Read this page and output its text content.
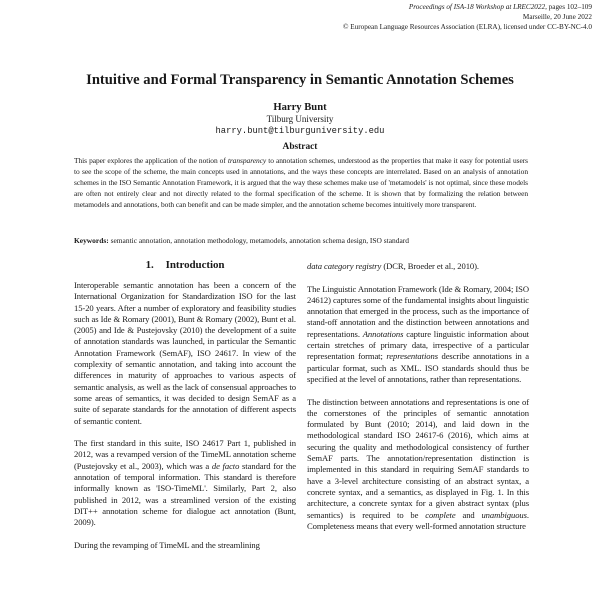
Proceedings of ISA-18 Workshop at LREC2022, pages 102–109
Marseille, 20 June 2022
© European Language Resources Association (ELRA), licensed under CC-BY-NC-4.0
Intuitive and Formal Transparency in Semantic Annotation Schemes
Harry Bunt
Tilburg University
harry.bunt@tilburguniversity.edu
Abstract
This paper explores the application of the notion of transparency to annotation schemes, understood as the properties that make it easy for potential users to see the scope of the scheme, the main concepts used in annotations, and the ways these concepts are interrelated. Based on an analysis of annotation schemes in the ISO Semantic Annotation Framework, it is argued that the way these schemes make use of 'metamodels' is not optimal, since these models are often not entirely clear and not directly related to the formal specification of the scheme. It is shown that by formalizing the relation between metamodels and annotations, both can benefit and can be made simpler, and the annotation scheme becomes intuitively more transparent.
Keywords: semantic annotation, annotation methodology, metamodels, annotation schema design, ISO standard
1. Introduction

Interoperable semantic annotation has been a concern of the International Organization for Standardization ISO for the last 15-20 years. After a number of exploratory and feasibility studies such as Ide & Romary (2001), Bunt & Romary (2002), Bunt et al. (2005) and Ide & Pustejovsky (2010) the development of a suite of annotation standards was launched, in particular the Semantic Annotation Framework (SemAF), ISO 24617. In view of the complexity of semantic annotation, and taking into account the differences in maturity of approaches to various aspects of semantic analysis, as well as the lack of consensual approaches to some areas of semantics, it was decided to design SemAF as a suite of separate standards for the annotation of different aspects of semantic content.

The first standard in this suite, ISO 24617 Part 1, published in 2012, was a revamped version of the TimeML annotation scheme (Pustejovsky et al., 2003), which was a de facto standard for the annotation of temporal information. This standard is therefore informally known as 'ISO-TimeML'. Similarly, Part 2, also published in 2012, was a streamlined version of the existing DIT++ annotation scheme for dialogue act annotation (Bunt, 2009).

During the revamping of TimeML and the streamlining

data category registry (DCR, Broeder et al., 2010).

The Linguistic Annotation Framework (Ide & Romary, 2004; ISO 24612) captures some of the fundamental insights about linguistic annotation that emerged in the process, such as the importance of stand-off annotation and the distinction between annotations and representations. Annotations capture linguistic information about certain stretches of primary data, irrespective of a particular representation format; representations describe annotations in a particular format, such as XML. ISO standards should thus be specified at the level of annotations, rather than representations.

The distinction between annotations and representations is one of the cornerstones of the principles of semantic annotation formulated by Bunt (2010; 2014), and laid down in the methodological standard ISO 24617-6 (2016), which aims at securing the quality and methodological consistency of further SemAF parts. The annotation/representation distinction is implemented in this standard in requiring SemAF standards to have a 3-level architecture consisting of an abstract syntax, a concrete syntax, and a semantics, as displayed in Fig. 1. In this architecture, a concrete syntax for a given abstract syntax (plus semantics) is required to be complete and unambiguous. Completeness means that every well-formed annotation structure
